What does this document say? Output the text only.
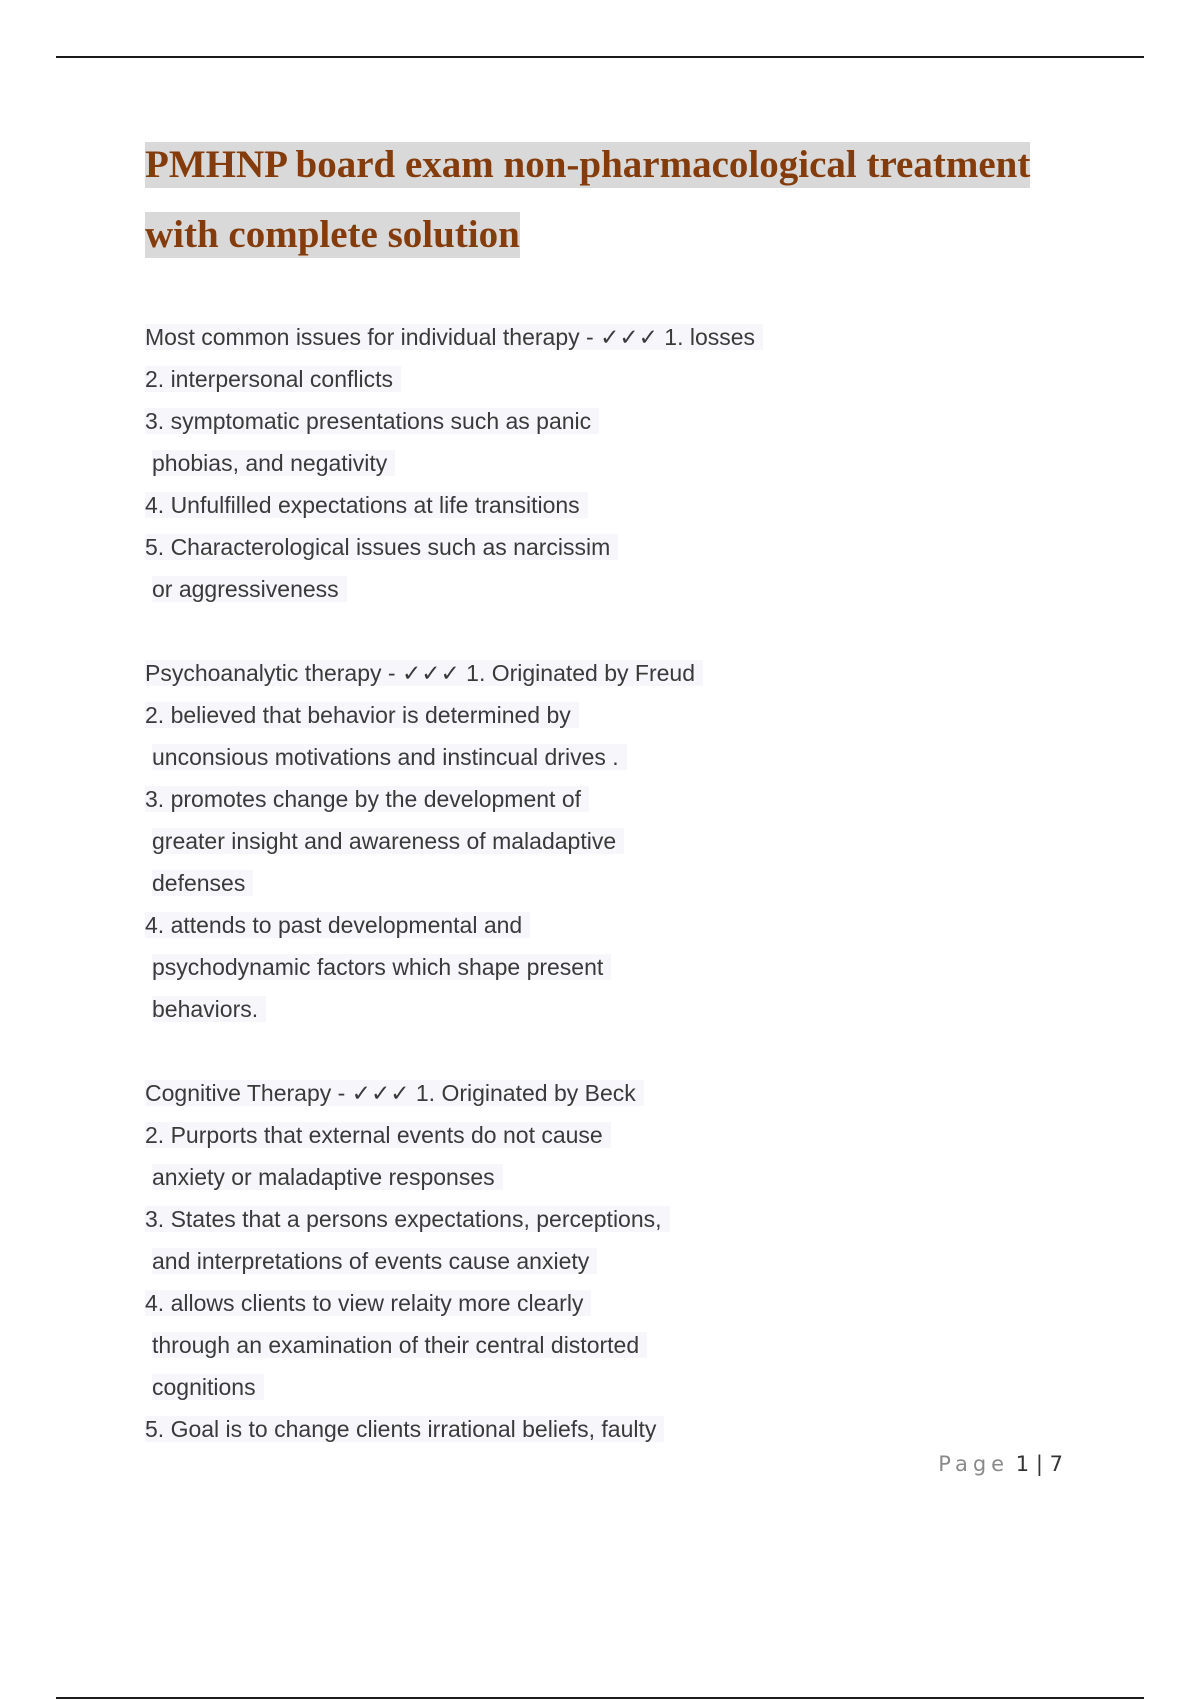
PMHNP board exam non-pharmacological treatment
with complete solution
Most common issues for individual therapy - ✓✓✓ 1. losses
2. interpersonal conflicts
3. symptomatic presentations such as panic
phobias, and negativity
4. Unfulfilled expectations at life transitions
5. Characterological issues such as narcissim
or aggressiveness
Psychoanalytic therapy - ✓✓✓ 1. Originated by Freud
2. believed that behavior is determined by
unconsious motivations and instincual drives .
3. promotes change by the development of
greater insight and awareness of maladaptive
defenses
4. attends to past developmental and
psychodynamic factors which shape present
behaviors.
Cognitive Therapy - ✓✓✓ 1. Originated by Beck
2. Purports that external events do not cause
anxiety or maladaptive responses
3. States that a persons expectations, perceptions,
and interpretations of events cause anxiety
4. allows clients to view relaity more clearly
through an examination of their central distorted
cognitions
5. Goal is to change clients irrational beliefs, faulty
Page 1 | 7
